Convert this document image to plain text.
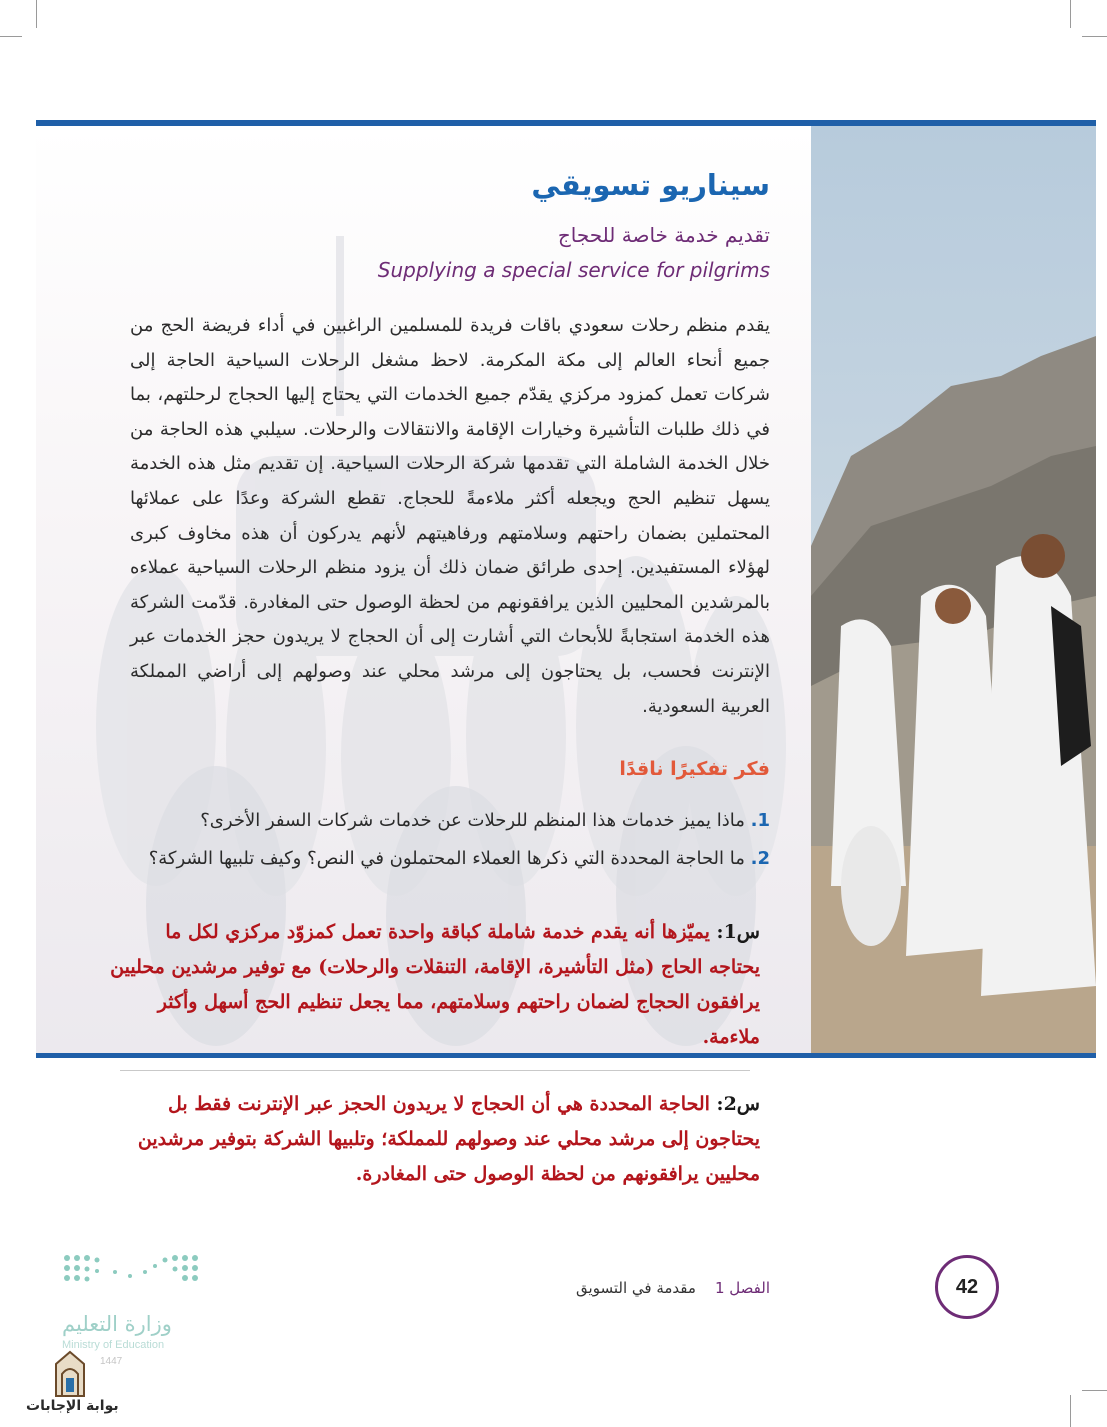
سيناريو تسويقي
تقديم خدمة خاصة للحجاج
Supplying a special service for pilgrims
يقدم منظم رحلات سعودي باقات فريدة للمسلمين الراغبين في أداء فريضة الحج من جميع أنحاء العالم إلى مكة المكرمة. لاحظ مشغل الرحلات السياحية الحاجة إلى شركات تعمل كمزود مركزي يقدّم جميع الخدمات التي يحتاج إليها الحجاج لرحلتهم، بما في ذلك طلبات التأشيرة وخيارات الإقامة والانتقالات والرحلات. سيلبي هذه الحاجة من خلال الخدمة الشاملة التي تقدمها شركة الرحلات السياحية. إن تقديم مثل هذه الخدمة يسهل تنظيم الحج ويجعله أكثر ملاءمةً للحجاج. تقطع الشركة وعدًا على عملائها المحتملين بضمان راحتهم وسلامتهم ورفاهيتهم لأنهم يدركون أن هذه مخاوف كبرى لهؤلاء المستفيدين. إحدى طرائق ضمان ذلك أن يزود منظم الرحلات السياحية عملاءه بالمرشدين المحليين الذين يرافقونهم من لحظة الوصول حتى المغادرة. قدّمت الشركة هذه الخدمة استجابةً للأبحاث التي أشارت إلى أن الحجاج لا يريدون حجز الخدمات عبر الإنترنت فحسب، بل يحتاجون إلى مرشد محلي عند وصولهم إلى أراضي المملكة العربية السعودية.
فكر تفكيرًا ناقدًا
1. ماذا يميز خدمات هذا المنظم للرحلات عن خدمات شركات السفر الأخرى؟
2. ما الحاجة المحددة التي ذكرها العملاء المحتملون في النص؟ وكيف تلبيها الشركة؟
س1: يميّزها أنه يقدم خدمة شاملة كباقة واحدة تعمل كمزوّد مركزي لكل ما يحتاجه الحاج (مثل التأشيرة، الإقامة، التنقلات والرحلات) مع توفير مرشدين محليين يرافقون الحجاج لضمان راحتهم وسلامتهم، مما يجعل تنظيم الحج أسهل وأكثر ملاءمة.
س2: الحاجة المحددة هي أن الحجاج لا يريدون الحجز عبر الإنترنت فقط بل يحتاجون إلى مرشد محلي عند وصولهم للمملكة؛ وتلبيها الشركة بتوفير مرشدين محليين يرافقونهم من لحظة الوصول حتى المغادرة.
42
الفصل 1    مقدمة في التسويق
وزارة التعليم
Ministry of Education
1447
بوابة الإجابات
